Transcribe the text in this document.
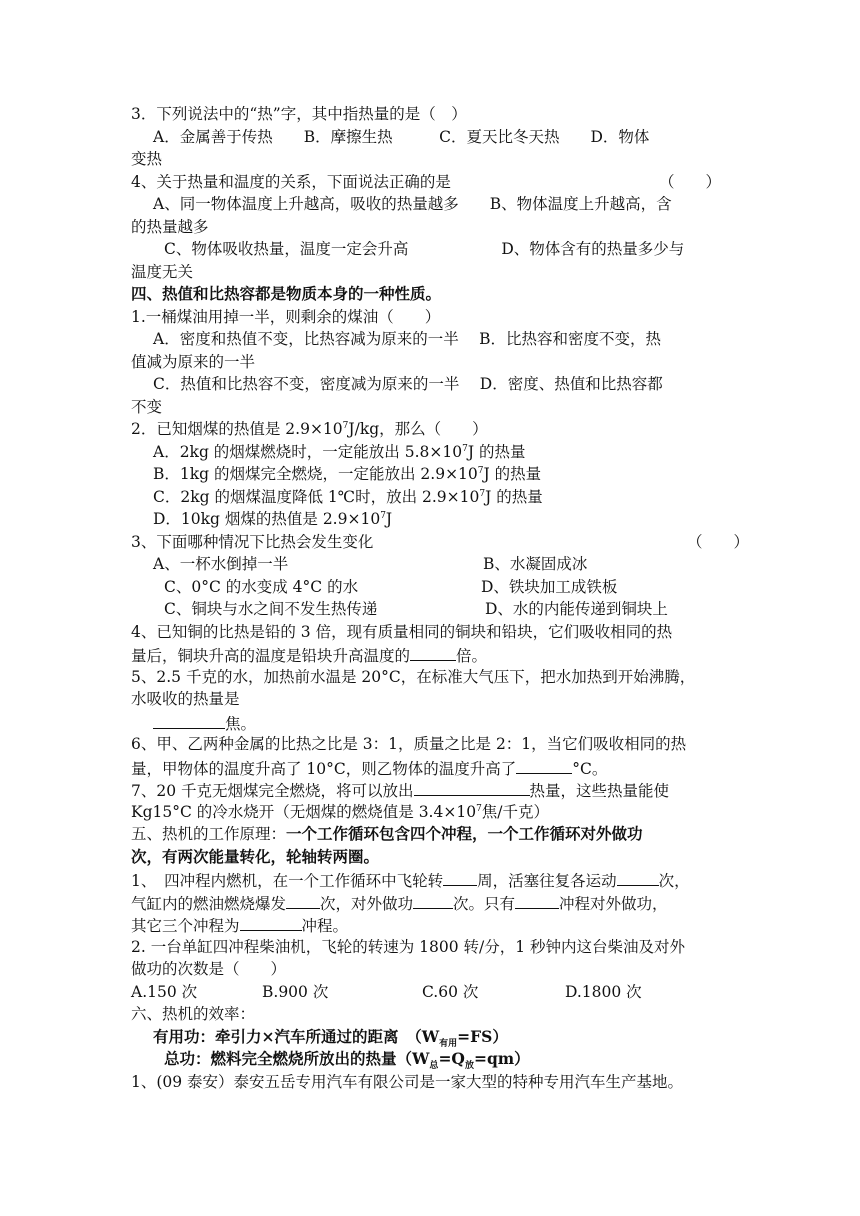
3．下列说法中的“热”字，其中指热量的是（　）
A．金属善于传热　　B．摩擦生热　　　C．夏天比冬天热　　D．物体
变热
4、关于热量和温度的关系，下面说法正确的是	（　　）
A、同一物体温度上升越高，吸收的热量越多　　B、物体温度上升越高，含
的热量越多
C、物体吸收热量，温度一定会升高　　　　　　D、物体含有的热量多少与
温度无关
四、热值和比热容都是物质本身的一种性质。
1.一桶煤油用掉一半，则剩余的煤油（　　）
A．密度和热值不变，比热容减为原来的一半　 B．比热容和密度不变，热
值减为原来的一半
C．热值和比热容不变，密度减为原来的一半　 D．密度、热值和比热容都
不变
2．已知烟煤的热值是 $2.9\times 10^7J/kg$，那么（　　）
A．2kg 的烟煤燃烧时，一定能放出 $5.8\times 10^7J$ 的热量
B．1kg 的烟煤完全燃烧，一定能放出 $2.9\times 10^7J$ 的热量
C．2kg 的烟煤温度降低 1℃时，放出 $2.9\times 10^7J$ 的热量
D．10kg 烟煤的热值是 $2.9\times 10^7J$
3、下面哪种情况下比热会发生变化	（　　）
A、一杯水倒掉一半	B、水凝固成冰
C、0°C 的水变成 4°C 的水	D、铁块加工成铁板
C、铜块与水之间不发生热传递	D、水的内能传递到铜块上
4、已知铜的比热是铅的 3 倍，现有质量相同的铜块和铅块，它们吸收相同的热
量后，铜块升高的温度是铅块升高温度的	倍。
5、2.5 千克的水，加热前水温是 20°C，在标准大气压下，把水加热到开始沸腾，
水吸收的热量是
焦。
6、甲、乙两种金属的比热之比是 3：1，质量之比是 2：1，当它们吸收相同的热
量，甲物体的温度升高了 10°C，则乙物体的温度升高了	°C。
7、20 千克无烟煤完全燃烧，将可以放出	热量，这些热量能使
Kg15°C 的冷水烧开（无烟煤的燃烧值是 $3.4\times 10^7$焦/千克）
五、热机的工作原理：一个工作循环包含四个冲程，一个工作循环对外做功
次，有两次能量转化，轮轴转两圈。
1、　四冲程内燃机，在一个工作循环中飞轮转 周，活塞往复各运动	次，
气缸内的燃油燃烧爆发 次，对外做功	次。只有	冲程对外做功，
其它三个冲程为	冲程。
2. 一台单缸四冲程柴油机，飞轮的转速为 1800 转/分，1 秒钟内这台柴油及对外
做功的次数是（　　）
A.150 次	B.900 次	C.60 次	D.1800 次
六、热机的效率：
有用功：牵引力×汽车所通过的距离　$(W_{有用}=FS)$
总功：燃料完全燃烧所放出的热量$(W_总=Q_放=qm)$
1、(09 泰安）泰安五岳专用汽车有限公司是一家大型的特种专用汽车生产基地。
